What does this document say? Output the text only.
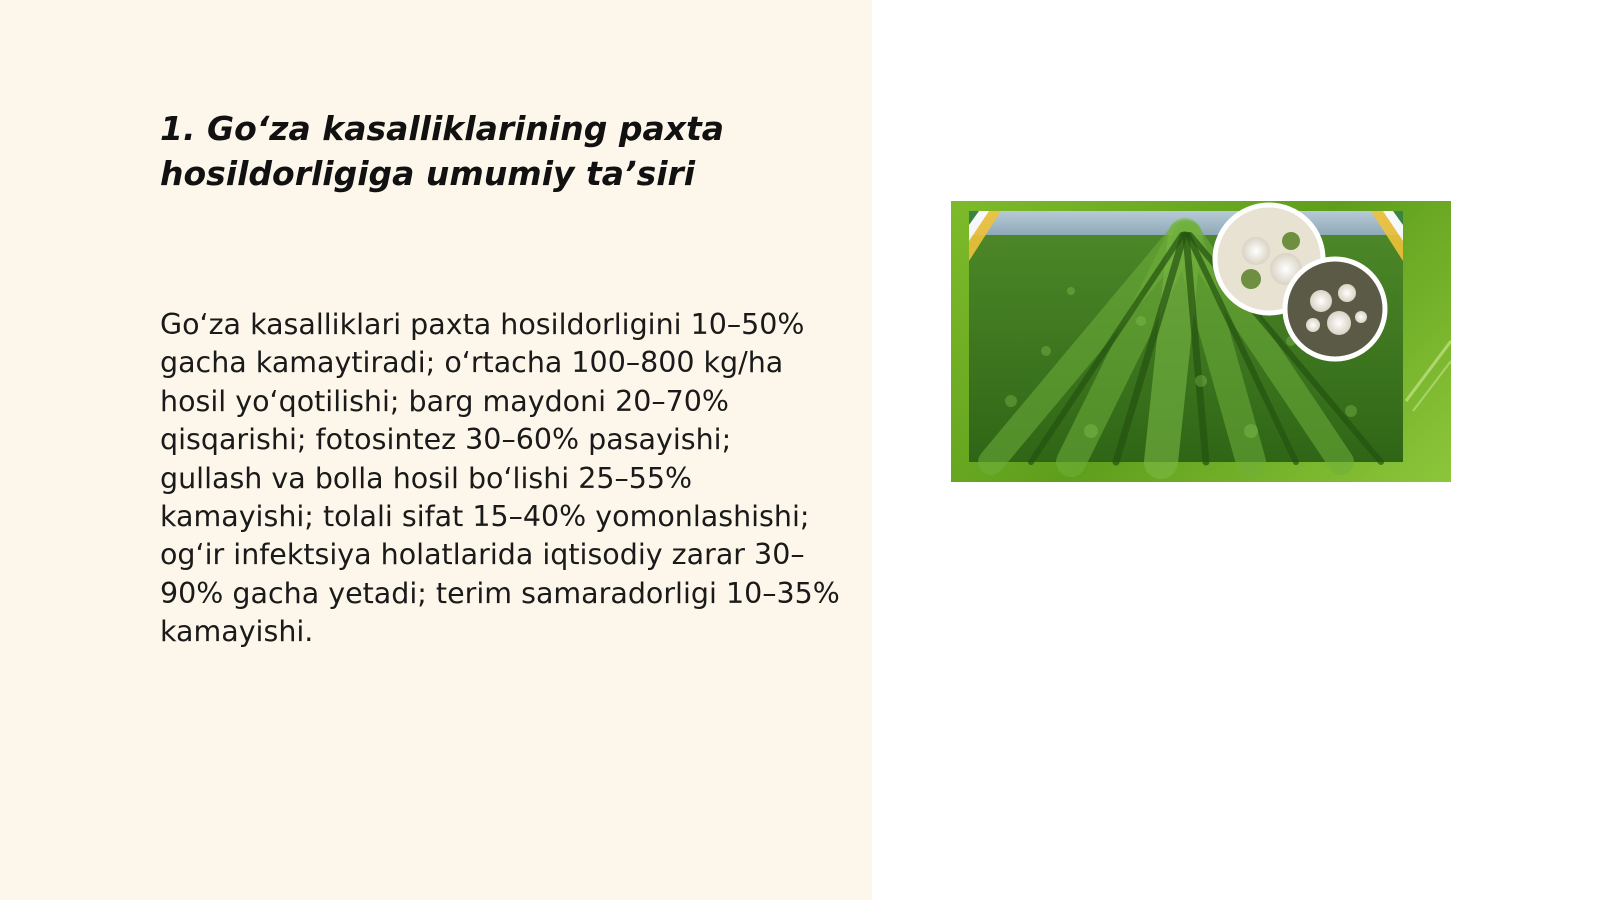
1. Go‘za kasalliklarining paxta hosildorligiga umumiy ta’siri

Go‘za kasalliklari paxta hosildorligini 10–50% gacha kamaytiradi; o‘rtacha 100–800 kg/ha hosil yo‘qotilishi; barg maydoni 20–70% qisqarishi; fotosintez 30–60% pasayishi; gullash va bolla hosil bo‘lishi 25–55% kamayishi; tolali sifat 15–40% yomonlashishi; og‘ir infektsiya holatlarida iqtisodiy zarar 30–90% gacha yetadi; terim samaradorligi 10–35% kamayishi.
